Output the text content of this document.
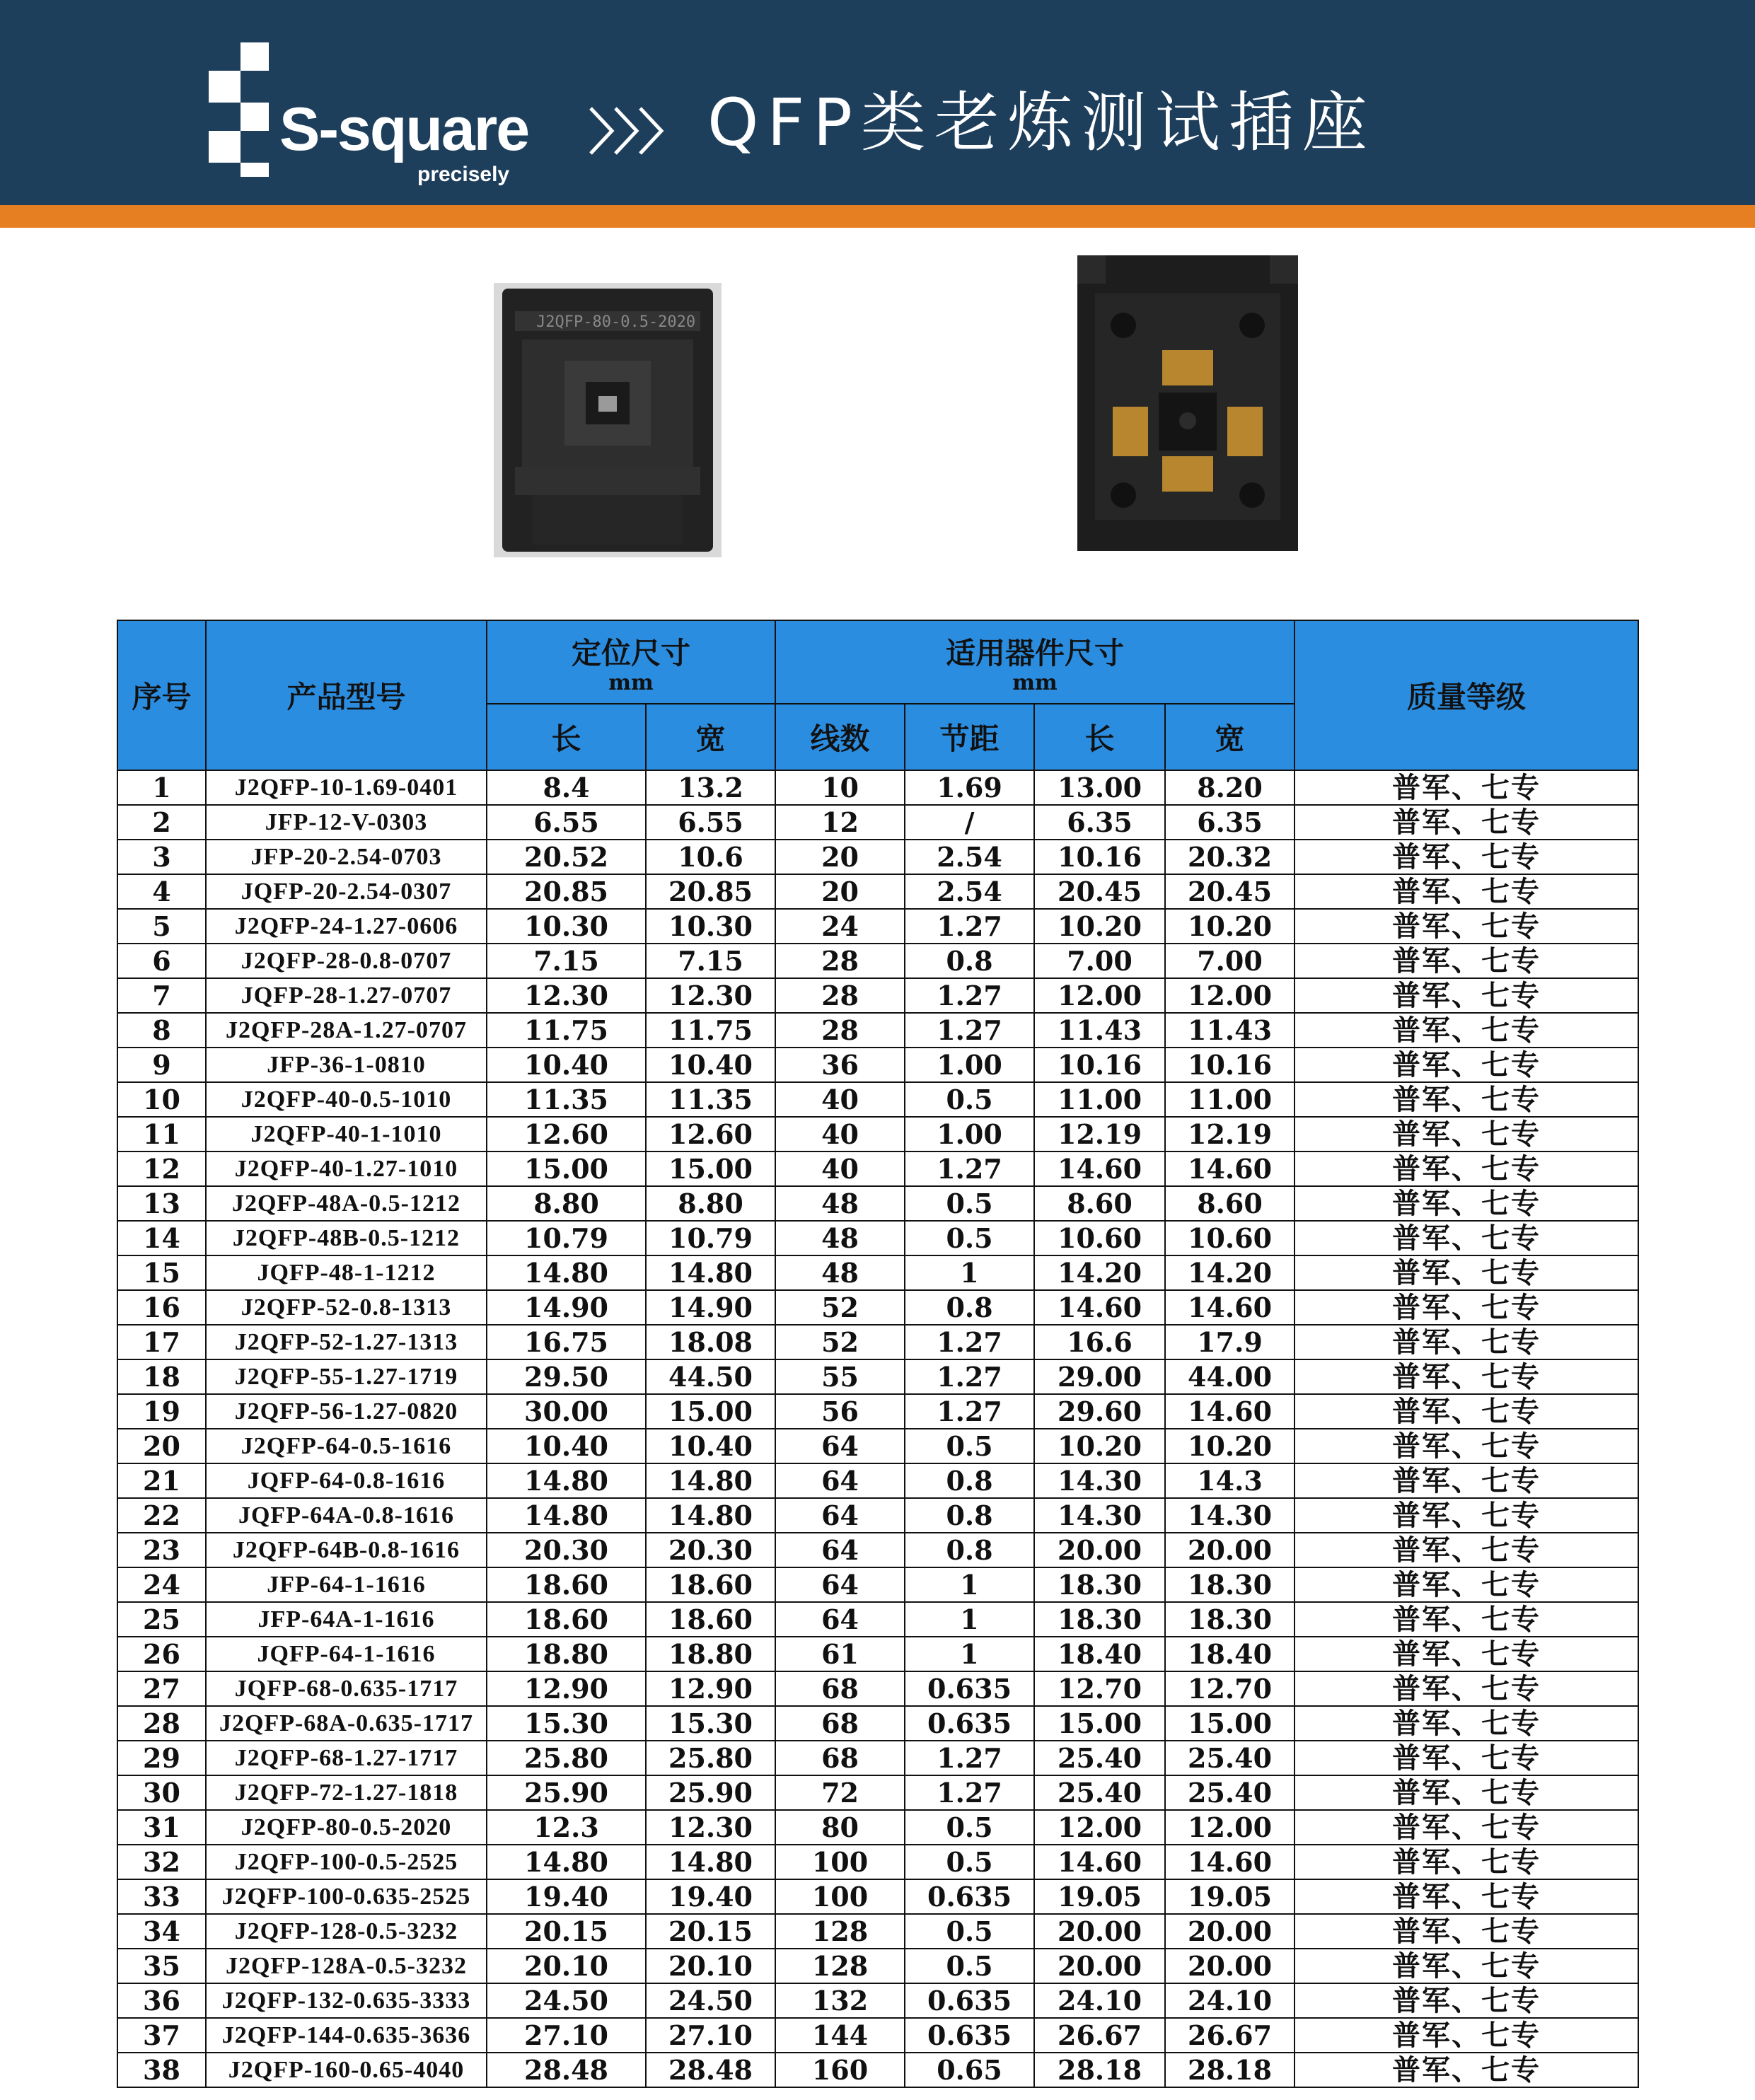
S-square
precisely
QFP类老炼测试插座
J2QFP-80-0.5-2020
序号	产品型号	定位尺寸
mm		适用器件尺寸
mm				质量等级
		长	宽	线数	节距	长	宽	
1	J2QFP-10-1.69-0401	8.4	13.2	10	1.69	13.00	8.20	普军、七专
2	JFP-12-V-0303	6.55	6.55	12	/	6.35	6.35	普军、七专
3	JFP-20-2.54-0703	20.52	10.6	20	2.54	10.16	20.32	普军、七专
4	JQFP-20-2.54-0307	20.85	20.85	20	2.54	20.45	20.45	普军、七专
5	J2QFP-24-1.27-0606	10.30	10.30	24	1.27	10.20	10.20	普军、七专
6	J2QFP-28-0.8-0707	7.15	7.15	28	0.8	7.00	7.00	普军、七专
7	JQFP-28-1.27-0707	12.30	12.30	28	1.27	12.00	12.00	普军、七专
8	J2QFP-28A-1.27-0707	11.75	11.75	28	1.27	11.43	11.43	普军、七专
9	JFP-36-1-0810	10.40	10.40	36	1.00	10.16	10.16	普军、七专
10	J2QFP-40-0.5-1010	11.35	11.35	40	0.5	11.00	11.00	普军、七专
11	J2QFP-40-1-1010	12.60	12.60	40	1.00	12.19	12.19	普军、七专
12	J2QFP-40-1.27-1010	15.00	15.00	40	1.27	14.60	14.60	普军、七专
13	J2QFP-48A-0.5-1212	8.80	8.80	48	0.5	8.60	8.60	普军、七专
14	J2QFP-48B-0.5-1212	10.79	10.79	48	0.5	10.60	10.60	普军、七专
15	JQFP-48-1-1212	14.80	14.80	48	1	14.20	14.20	普军、七专
16	J2QFP-52-0.8-1313	14.90	14.90	52	0.8	14.60	14.60	普军、七专
17	J2QFP-52-1.27-1313	16.75	18.08	52	1.27	16.6	17.9	普军、七专
18	J2QFP-55-1.27-1719	29.50	44.50	55	1.27	29.00	44.00	普军、七专
19	J2QFP-56-1.27-0820	30.00	15.00	56	1.27	29.60	14.60	普军、七专
20	J2QFP-64-0.5-1616	10.40	10.40	64	0.5	10.20	10.20	普军、七专
21	JQFP-64-0.8-1616	14.80	14.80	64	0.8	14.30	14.3	普军、七专
22	JQFP-64A-0.8-1616	14.80	14.80	64	0.8	14.30	14.30	普军、七专
23	J2QFP-64B-0.8-1616	20.30	20.30	64	0.8	20.00	20.00	普军、七专
24	JFP-64-1-1616	18.60	18.60	64	1	18.30	18.30	普军、七专
25	JFP-64A-1-1616	18.60	18.60	64	1	18.30	18.30	普军、七专
26	JQFP-64-1-1616	18.80	18.80	61	1	18.40	18.40	普军、七专
27	JQFP-68-0.635-1717	12.90	12.90	68	0.635	12.70	12.70	普军、七专
28	J2QFP-68A-0.635-1717	15.30	15.30	68	0.635	15.00	15.00	普军、七专
29	J2QFP-68-1.27-1717	25.80	25.80	68	1.27	25.40	25.40	普军、七专
30	J2QFP-72-1.27-1818	25.90	25.90	72	1.27	25.40	25.40	普军、七专
31	J2QFP-80-0.5-2020	12.3	12.30	80	0.5	12.00	12.00	普军、七专
32	J2QFP-100-0.5-2525	14.80	14.80	100	0.5	14.60	14.60	普军、七专
33	J2QFP-100-0.635-2525	19.40	19.40	100	0.635	19.05	19.05	普军、七专
34	J2QFP-128-0.5-3232	20.15	20.15	128	0.5	20.00	20.00	普军、七专
35	J2QFP-128A-0.5-3232	20.10	20.10	128	0.5	20.00	20.00	普军、七专
36	J2QFP-132-0.635-3333	24.50	24.50	132	0.635	24.10	24.10	普军、七专
37	J2QFP-144-0.635-3636	27.10	27.10	144	0.635	26.67	26.67	普军、七专
38	J2QFP-160-0.65-4040	28.48	28.48	160	0.65	28.18	28.18	普军、七专
